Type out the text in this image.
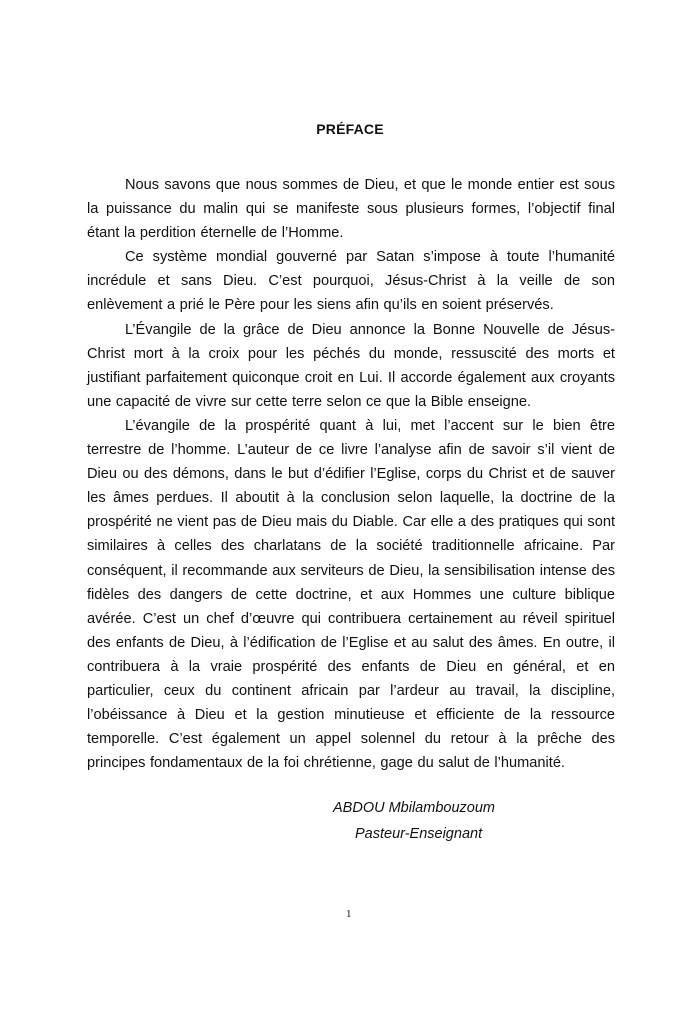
PRÉFACE

Nous savons que nous sommes de Dieu, et que le monde entier est sous la puissance du malin qui se manifeste sous plusieurs formes, l’objectif final étant la perdition éternelle de l’Homme.

Ce système mondial gouverné par Satan s’impose à toute l’humanité incrédule et sans Dieu. C’est pourquoi, Jésus-Christ à la veille de son enlèvement a prié le Père pour les siens afin qu’ils en soient préservés.

L’Évangile de la grâce de Dieu annonce la Bonne Nouvelle de Jésus-Christ mort à la croix pour les péchés du monde, ressuscité des morts et justifiant parfaitement quiconque croit en Lui. Il accorde également aux croyants une capacité de vivre sur cette terre selon ce que la Bible enseigne.

L’évangile de la prospérité quant à lui, met l’accent sur le bien être terrestre de l’homme. L’auteur de ce livre l’analyse afin de savoir s’il vient de Dieu ou des démons, dans le but d’édifier l’Eglise, corps du Christ et de sauver les âmes perdues. Il aboutit à la conclusion selon laquelle, la doctrine de la prospérité ne vient pas de Dieu mais du Diable. Car elle a des pratiques qui sont similaires à celles des charlatans de la société traditionnelle africaine. Par conséquent, il recommande aux serviteurs de Dieu, la sensibilisation intense des fidèles des dangers de cette doctrine, et aux Hommes une culture biblique avérée. C’est un chef d’œuvre qui contribuera certainement au réveil spirituel des enfants de Dieu, à l’édification de l’Eglise et au salut des âmes. En outre, il contribuera à la vraie prospérité des enfants de Dieu en général, et en particulier, ceux du continent africain par l’ardeur au travail, la discipline, l’obéissance à Dieu et la gestion minutieuse et efficiente de la ressource temporelle. C’est également un appel solennel du retour à la prêche des principes fondamentaux de la foi chrétienne, gage du salut de l’humanité.

ABDOU Mbilambouzoum
Pasteur-Enseignant
1
